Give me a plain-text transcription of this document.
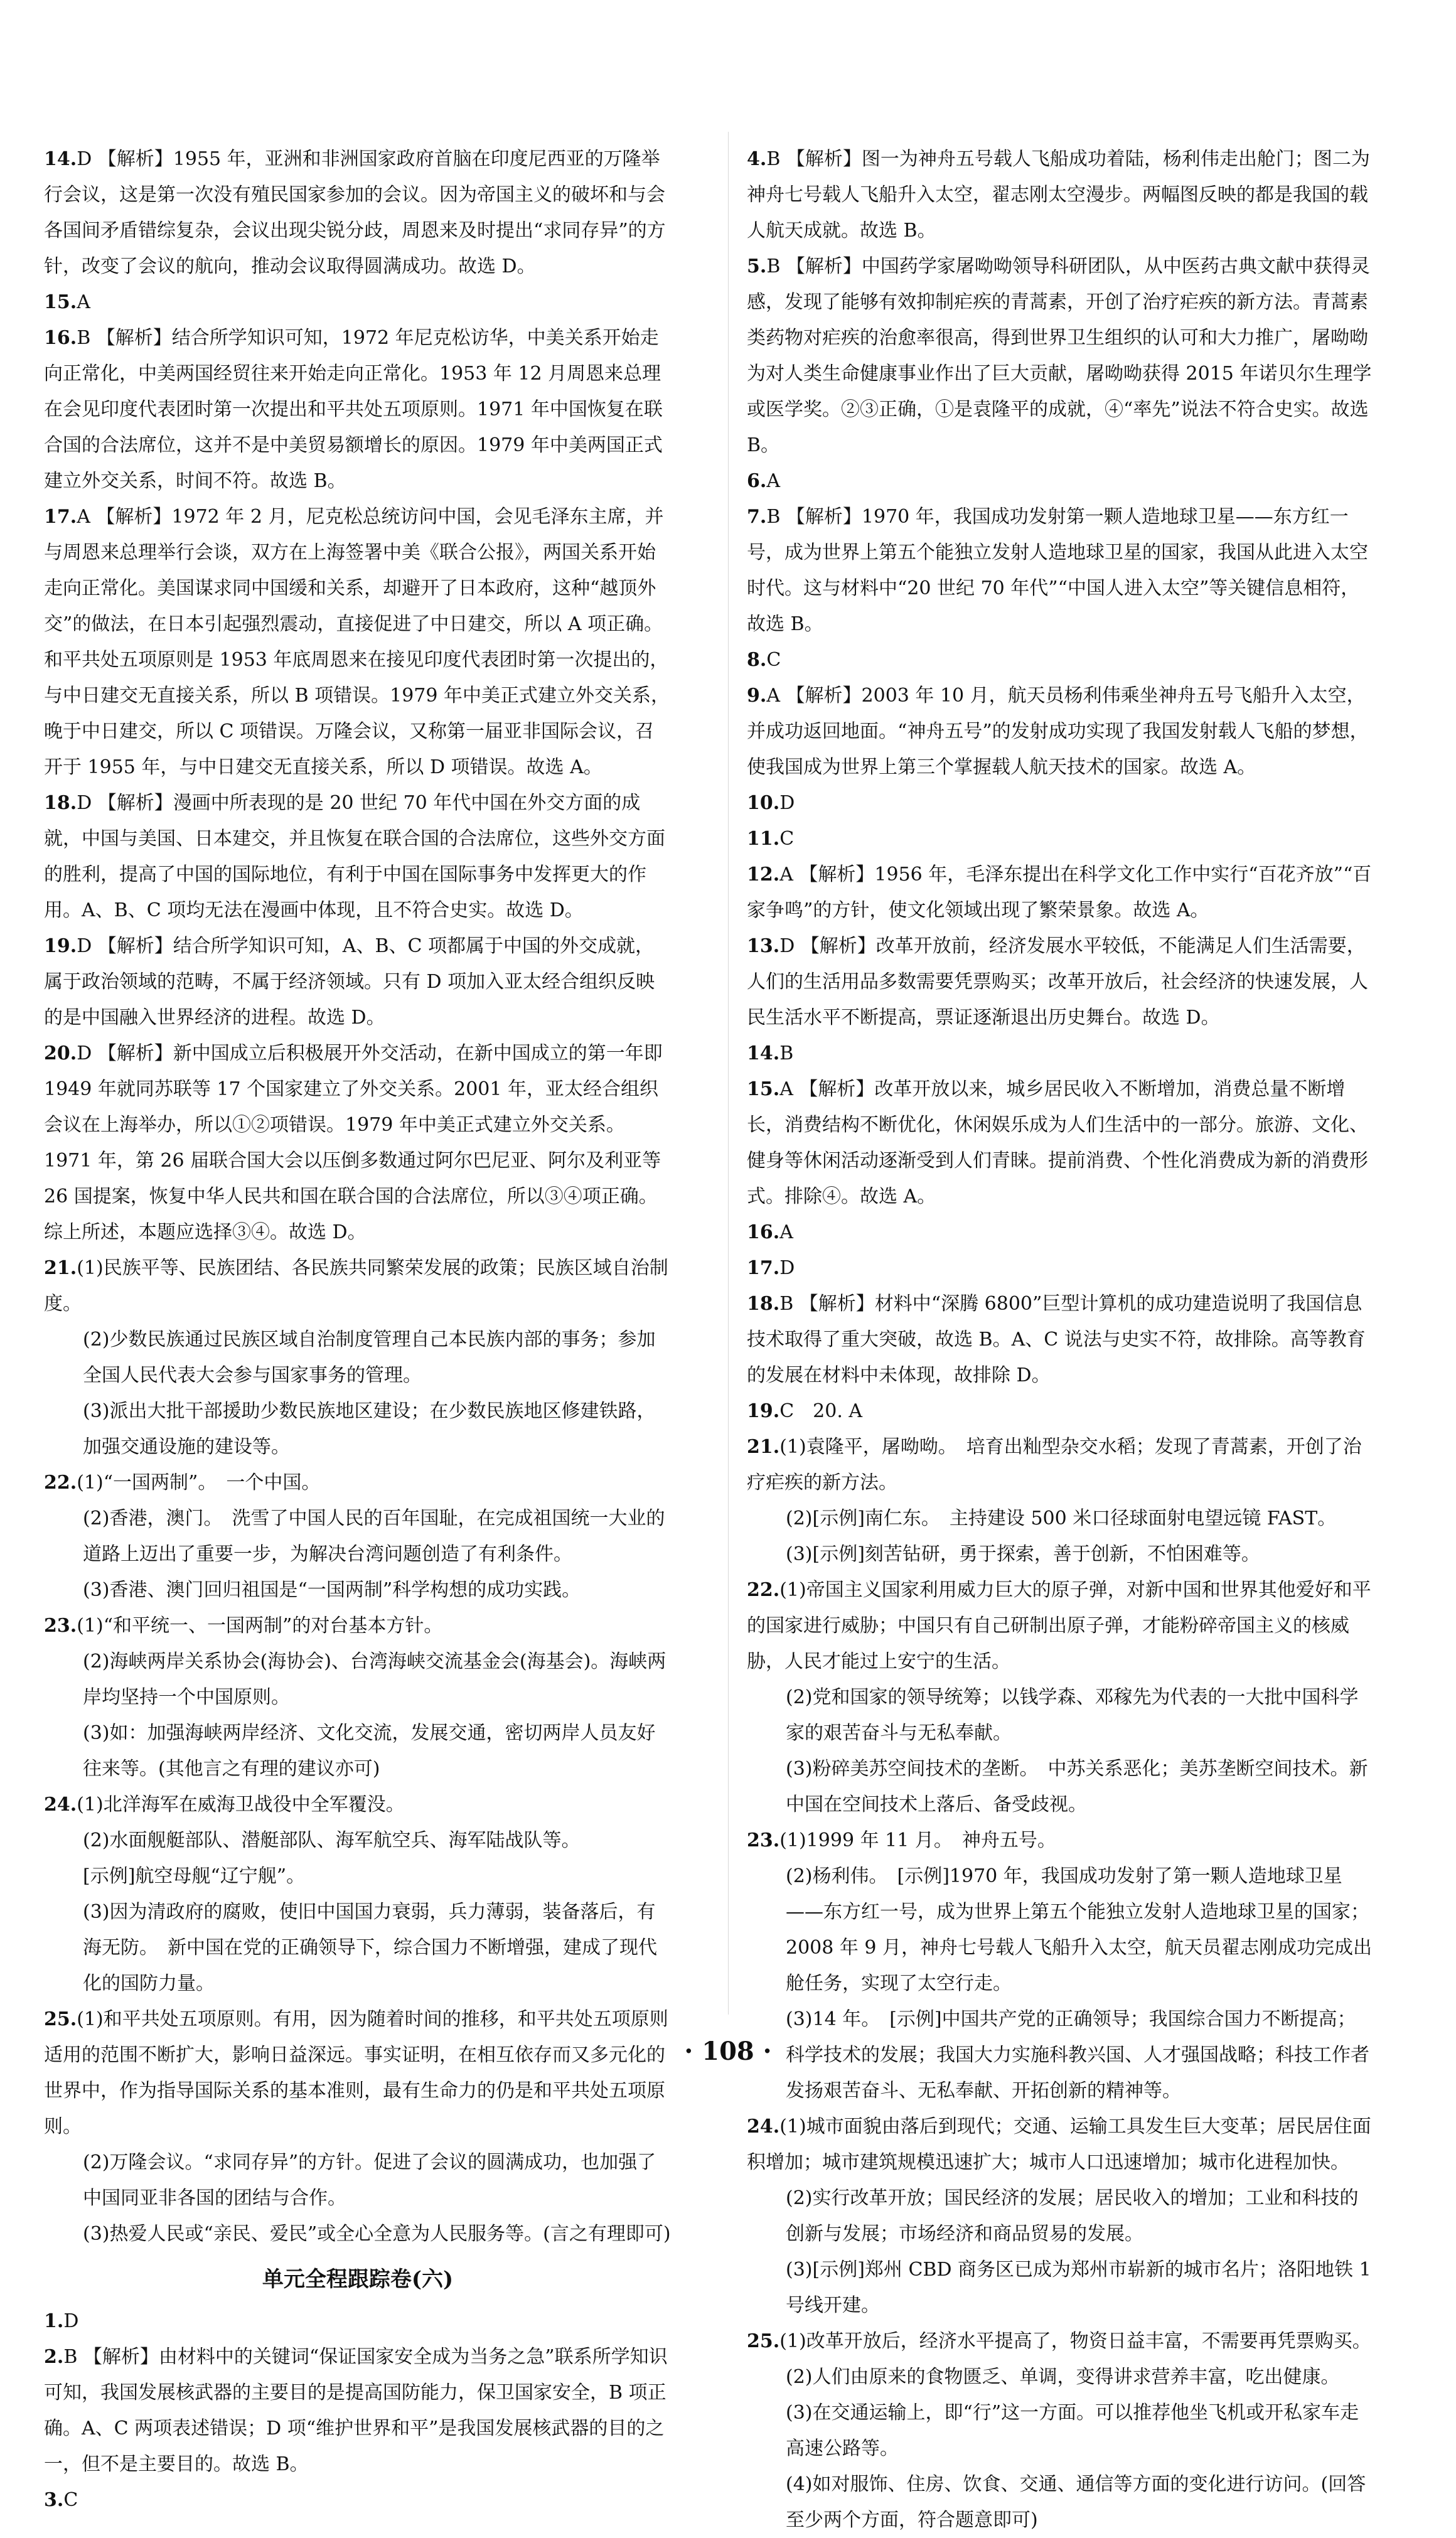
14.D 【解析】1955 年，亚洲和非洲国家政府首脑在印度尼西亚的万隆举行会议，这是第一次没有殖民国家参加的会议。因为帝国主义的破坏和与会各国间矛盾错综复杂，会议出现尖锐分歧，周恩来及时提出“求同存异”的方针，改变了会议的航向，推动会议取得圆满成功。故选 D。
15.A
16.B 【解析】结合所学知识可知，1972 年尼克松访华，中美关系开始走向正常化，中美两国经贸往来开始走向正常化。1953 年 12 月周恩来总理在会见印度代表团时第一次提出和平共处五项原则。1971 年中国恢复在联合国的合法席位，这并不是中美贸易额增长的原因。1979 年中美两国正式建立外交关系，时间不符。故选 B。
17.A 【解析】1972 年 2 月，尼克松总统访问中国，会见毛泽东主席，并与周恩来总理举行会谈，双方在上海签署中美《联合公报》，两国关系开始走向正常化。美国谋求同中国缓和关系，却避开了日本政府，这种“越顶外交”的做法，在日本引起强烈震动，直接促进了中日建交，所以 A 项正确。和平共处五项原则是 1953 年底周恩来在接见印度代表团时第一次提出的，与中日建交无直接关系，所以 B 项错误。1979 年中美正式建立外交关系，晚于中日建交，所以 C 项错误。万隆会议，又称第一届亚非国际会议，召开于 1955 年，与中日建交无直接关系，所以 D 项错误。故选 A。
18.D 【解析】漫画中所表现的是 20 世纪 70 年代中国在外交方面的成就，中国与美国、日本建交，并且恢复在联合国的合法席位，这些外交方面的胜利，提高了中国的国际地位，有利于中国在国际事务中发挥更大的作用。A、B、C 项均无法在漫画中体现，且不符合史实。故选 D。
19.D 【解析】结合所学知识可知，A、B、C 项都属于中国的外交成就，属于政治领域的范畴，不属于经济领域。只有 D 项加入亚太经合组织反映的是中国融入世界经济的进程。故选 D。
20.D 【解析】新中国成立后积极展开外交活动，在新中国成立的第一年即 1949 年就同苏联等 17 个国家建立了外交关系。2001 年，亚太经合组织会议在上海举办，所以①②项错误。1979 年中美正式建立外交关系。1971 年，第 26 届联合国大会以压倒多数通过阿尔巴尼亚、阿尔及利亚等 26 国提案，恢复中华人民共和国在联合国的合法席位，所以③④项正确。综上所述，本题应选择③④。故选 D。
21.(1)民族平等、民族团结、各民族共同繁荣发展的政策；民族区域自治制度。
(2)少数民族通过民族区域自治制度管理自己本民族内部的事务；参加全国人民代表大会参与国家事务的管理。
(3)派出大批干部援助少数民族地区建设；在少数民族地区修建铁路，加强交通设施的建设等。
22.(1)“一国两制”。　一个中国。
(2)香港，澳门。　洗雪了中国人民的百年国耻，在完成祖国统一大业的道路上迈出了重要一步，为解决台湾问题创造了有利条件。
(3)香港、澳门回归祖国是“一国两制”科学构想的成功实践。
23.(1)“和平统一、一国两制”的对台基本方针。
(2)海峡两岸关系协会(海协会)、台湾海峡交流基金会(海基会)。海峡两岸均坚持一个中国原则。
(3)如：加强海峡两岸经济、文化交流，发展交通，密切两岸人员友好往来等。(其他言之有理的建议亦可)
24.(1)北洋海军在威海卫战役中全军覆没。
(2)水面舰艇部队、潜艇部队、海军航空兵、海军陆战队等。
[示例]航空母舰“辽宁舰”。
(3)因为清政府的腐败，使旧中国国力衰弱，兵力薄弱，装备落后，有海无防。　新中国在党的正确领导下，综合国力不断增强，建成了现代化的国防力量。
25.(1)和平共处五项原则。有用，因为随着时间的推移，和平共处五项原则适用的范围不断扩大，影响日益深远。事实证明，在相互依存而又多元化的世界中，作为指导国际关系的基本准则，最有生命力的仍是和平共处五项原则。
(2)万隆会议。“求同存异”的方针。促进了会议的圆满成功，也加强了中国同亚非各国的团结与合作。
(3)热爱人民或“亲民、爱民”或全心全意为人民服务等。(言之有理即可)
单元全程跟踪卷(六)
1.D
2.B 【解析】由材料中的关键词“保证国家安全成为当务之急”联系所学知识可知，我国发展核武器的主要目的是提高国防能力，保卫国家安全，B 项正确。A、C 两项表述错误；D 项“维护世界和平”是我国发展核武器的目的之一，但不是主要目的。故选 B。
3.C
4.B 【解析】图一为神舟五号载人飞船成功着陆，杨利伟走出舱门；图二为神舟七号载人飞船升入太空，翟志刚太空漫步。两幅图反映的都是我国的载人航天成就。故选 B。
5.B 【解析】中国药学家屠呦呦领导科研团队，从中医药古典文献中获得灵感，发现了能够有效抑制疟疾的青蒿素，开创了治疗疟疾的新方法。青蒿素类药物对疟疾的治愈率很高，得到世界卫生组织的认可和大力推广，屠呦呦为对人类生命健康事业作出了巨大贡献，屠呦呦获得 2015 年诺贝尔生理学或医学奖。②③正确，①是袁隆平的成就，④“率先”说法不符合史实。故选 B。
6.A
7.B 【解析】1970 年，我国成功发射第一颗人造地球卫星——东方红一号，成为世界上第五个能独立发射人造地球卫星的国家，我国从此进入太空时代。这与材料中“20 世纪 70 年代”“中国人进入太空”等关键信息相符，故选 B。
8.C
9.A 【解析】2003 年 10 月，航天员杨利伟乘坐神舟五号飞船升入太空，并成功返回地面。“神舟五号”的发射成功实现了我国发射载人飞船的梦想，使我国成为世界上第三个掌握载人航天技术的国家。故选 A。
10.D
11.C
12.A 【解析】1956 年，毛泽东提出在科学文化工作中实行“百花齐放”“百家争鸣”的方针，使文化领域出现了繁荣景象。故选 A。
13.D 【解析】改革开放前，经济发展水平较低，不能满足人们生活需要，人们的生活用品多数需要凭票购买；改革开放后，社会经济的快速发展，人民生活水平不断提高，票证逐渐退出历史舞台。故选 D。
14.B
15.A 【解析】改革开放以来，城乡居民收入不断增加，消费总量不断增长，消费结构不断优化，休闲娱乐成为人们生活中的一部分。旅游、文化、健身等休闲活动逐渐受到人们青睐。提前消费、个性化消费成为新的消费形式。排除④。故选 A。
16.A
17.D
18.B 【解析】材料中“深腾 6800”巨型计算机的成功建造说明了我国信息技术取得了重大突破，故选 B。A、C 说法与史实不符，故排除。高等教育的发展在材料中未体现，故排除 D。
19.C　20. A
21.(1)袁隆平，屠呦呦。　培育出籼型杂交水稻；发现了青蒿素，开创了治疗疟疾的新方法。
(2)[示例]南仁东。　主持建设 500 米口径球面射电望远镜 FAST。
(3)[示例]刻苦钻研，勇于探索，善于创新，不怕困难等。
22.(1)帝国主义国家利用威力巨大的原子弹，对新中国和世界其他爱好和平的国家进行威胁；中国只有自己研制出原子弹，才能粉碎帝国主义的核威胁，人民才能过上安宁的生活。
(2)党和国家的领导统筹；以钱学森、邓稼先为代表的一大批中国科学家的艰苦奋斗与无私奉献。
(3)粉碎美苏空间技术的垄断。　中苏关系恶化；美苏垄断空间技术。新中国在空间技术上落后、备受歧视。
23.(1)1999 年 11 月。　神舟五号。
(2)杨利伟。　[示例]1970 年，我国成功发射了第一颗人造地球卫星——东方红一号，成为世界上第五个能独立发射人造地球卫星的国家；2008 年 9 月，神舟七号载人飞船升入太空，航天员翟志刚成功完成出舱任务，实现了太空行走。
(3)14 年。　[示例]中国共产党的正确领导；我国综合国力不断提高；科学技术的发展；我国大力实施科教兴国、人才强国战略；科技工作者发扬艰苦奋斗、无私奉献、开拓创新的精神等。
24.(1)城市面貌由落后到现代；交通、运输工具发生巨大变革；居民居住面积增加；城市建筑规模迅速扩大；城市人口迅速增加；城市化进程加快。
(2)实行改革开放；国民经济的发展；居民收入的增加；工业和科技的创新与发展；市场经济和商品贸易的发展。
(3)[示例]郑州 CBD 商务区已成为郑州市崭新的城市名片；洛阳地铁 1 号线开建。
25.(1)改革开放后，经济水平提高了，物资日益丰富，不需要再凭票购买。
(2)人们由原来的食物匮乏、单调，变得讲求营养丰富，吃出健康。
(3)在交通运输上，即“行”这一方面。可以推荐他坐飞机或开私家车走高速公路等。
(4)如对服饰、住房、饮食、交通、通信等方面的变化进行访问。(回答至少两个方面，符合题意即可)
· 108 ·
